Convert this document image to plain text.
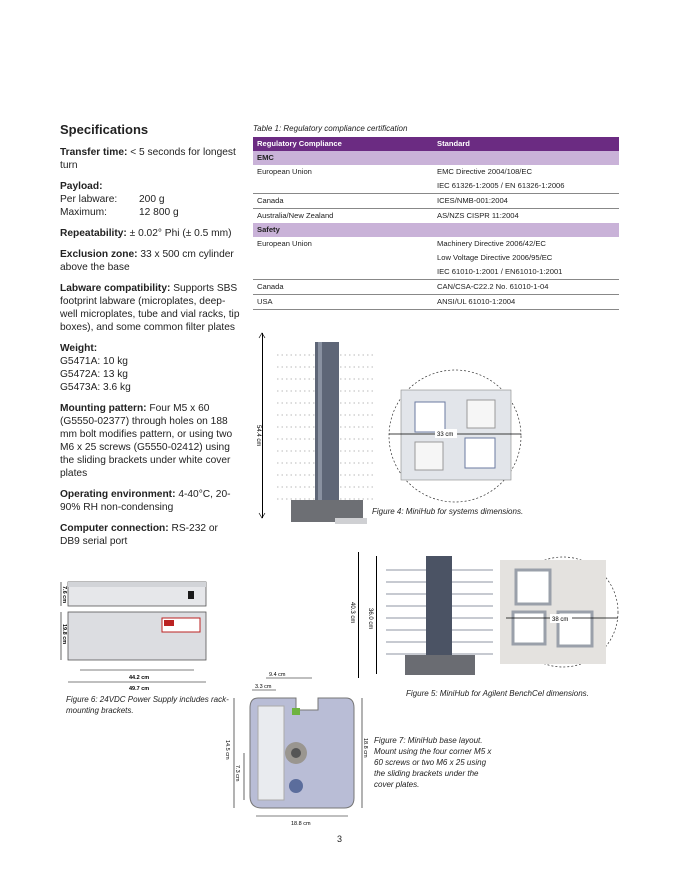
Specifications

Transfer time: < 5 seconds for longest turn

Payload:

Per labware:	200 g
Maximum:	12 800 g

Repeatability: ± 0.02° Phi (± 0.5 mm)

Exclusion zone: 33 x 500 cm cylinder above the base

Labware compatibility: Supports SBS footprint labware (microplates, deep-well microplates, tube and vial racks, tip boxes), and some common filter plates

Weight:
G5471A: 10 kg
G5472A: 13 kg
G5473A: 3.6 kg

Mounting pattern: Four M5 x 60 (G5550-02377) through holes on 188 mm bolt modifies pattern, or using two M6 x 25 screws (G5550-02412) using the sliding brackets under white cover plates

Operating environment: 4-40°C, 20-90% RH non-condensing

Computer connection: RS-232 or DB9 serial port

Table 1: Regulatory compliance certification
Regulatory Compliance	Standard
EMC	
European Union	EMC Directive 2004/108/EC
	IEC 61326-1:2005 / EN 61326-1:2006
Canada	ICES/NMB-001:2004
Australia/New Zealand	AS/NZS CISPR 11:2004
Safety	
European Union	Machinery Directive 2006/42/EC
	Low Voltage Directive 2006/95/EC
	IEC 61010-1:2001 / EN61010-1:2001
Canada	CAN/CSA-C22.2 No. 61010-1-04
USA	ANSI/UL 61010-1:2004
54.4 cm	33 cm
Figure 4: MiniHub for systems dimensions.
40.3 cm 36.0 cm	38 cm
Figure 5: MiniHub for Agilent BenchCel dimensions.
7.6 cm
19.8 cm
44.2 cm
49.7 cm
Figure 6: 24VDC Power Supply includes rack-mounting brackets.
9.4 cm
3.3 cm
14.5 cm
7.3 cm
18.8 cm
18.8 cm
Figure 7: MiniHub base layout. Mount using the four corner M5 x 60 screws or two M6 x 25 using the sliding brackets under the cover plates.
3
